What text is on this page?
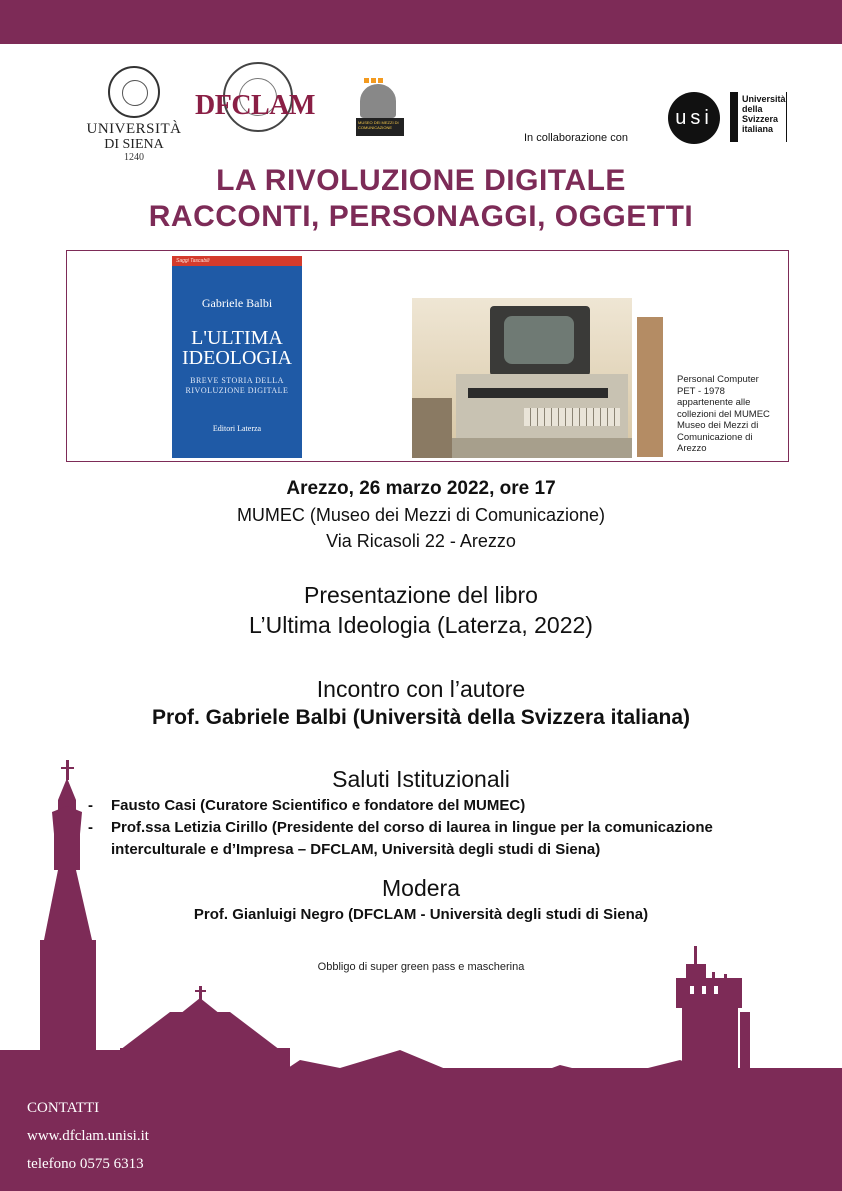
UNIVERSITÀ
DI SIENA
1240
DFCLAM
MUSEO DEI MEZZI DI COMUNICAZIONE
In collaborazione con
usi
Università
della
Svizzera
italiana
LA RIVOLUZIONE DIGITALE
RACCONTI, PERSONAGGI, OGGETTI
Saggi Tascabili
Gabriele Balbi
L'ULTIMA
IDEOLOGIA
BREVE STORIA DELLA
RIVOLUZIONE DIGITALE
Editori Laterza
Personal Computer
PET - 1978
appartenente alle
collezioni del MUMEC
Museo dei Mezzi di
Comunicazione di
Arezzo
Arezzo, 26 marzo 2022, ore 17
MUMEC (Museo dei Mezzi di Comunicazione)
Via Ricasoli 22 - Arezzo
Presentazione del libro
L’Ultima Ideologia (Laterza, 2022)
Incontro con l’autore
Prof. Gabriele Balbi (Università della Svizzera italiana)
Saluti Istituzionali
- Fausto Casi (Curatore Scientifico e fondatore del MUMEC)
- Prof.ssa Letizia Cirillo (Presidente del corso di laurea in lingue per la comunicazione
interculturale e d’Impresa – DFCLAM, Università degli studi di Siena)
Modera
Prof. Gianluigi Negro (DFCLAM - Università degli studi di Siena)
Obbligo di super green pass e mascherina
CONTATTI
www.dfclam.unisi.it
telefono 0575 6313
